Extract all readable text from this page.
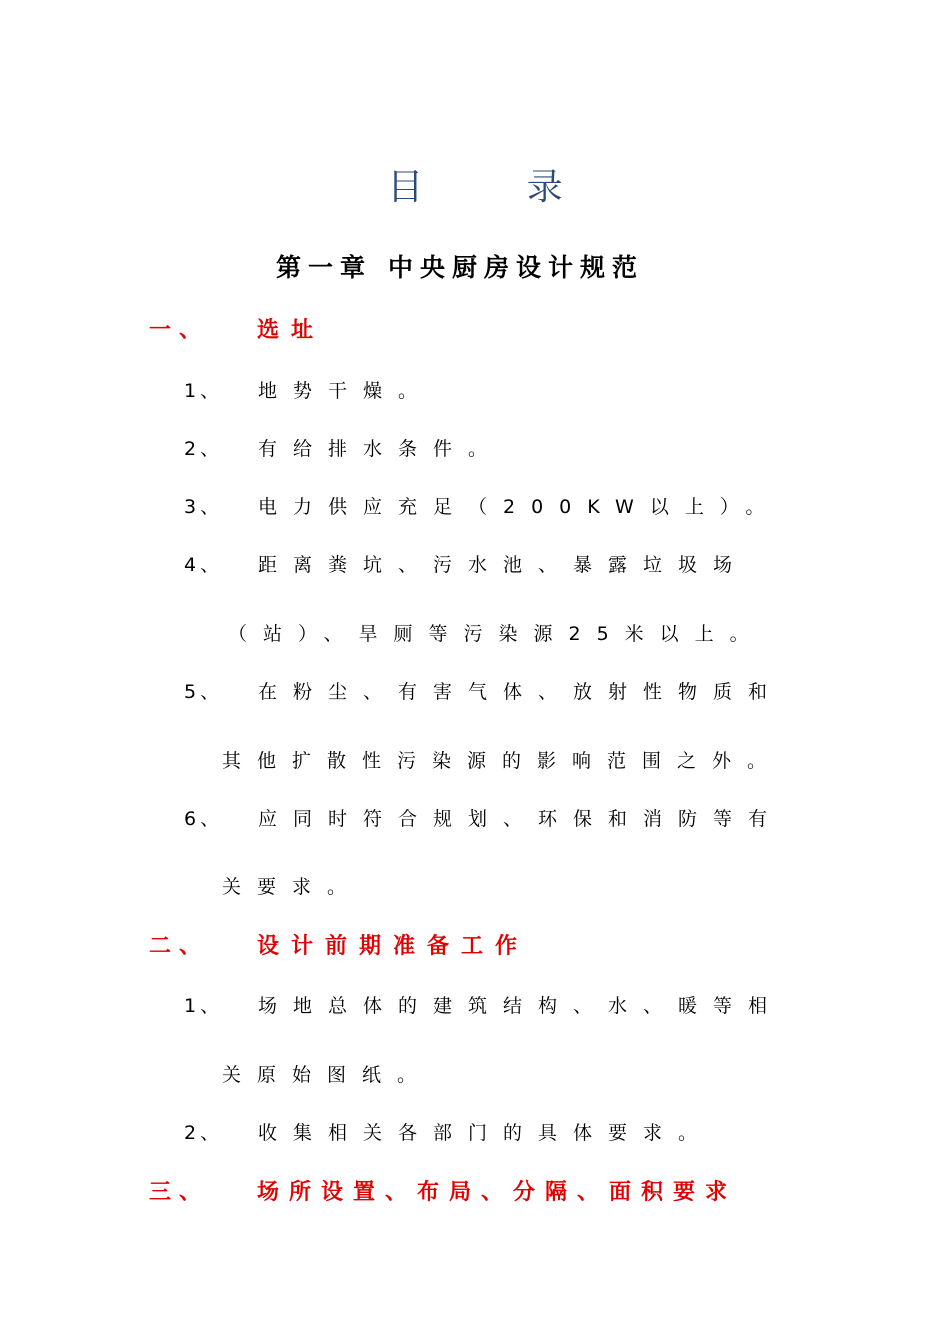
目 录
第一章 中央厨房设计规范
一、 选址
1、 地势干燥。
2、 有给排水条件。
3、 电力供应充足（200KW以上）。
4、 距离粪坑、污水池、暴露垃圾场
（站）、旱厕等污染源25米以上。
5、 在粉尘、有害气体、放射性物质和
其他扩散性污染源的影响范围之外。
6、 应同时符合规划、环保和消防等有
关要求。
二、 设计前期准备工作
1、 场地总体的建筑结构、水、暖等相
关原始图纸。
2、 收集相关各部门的具体要求。
三、 场所设置、布局、分隔、面积要求
